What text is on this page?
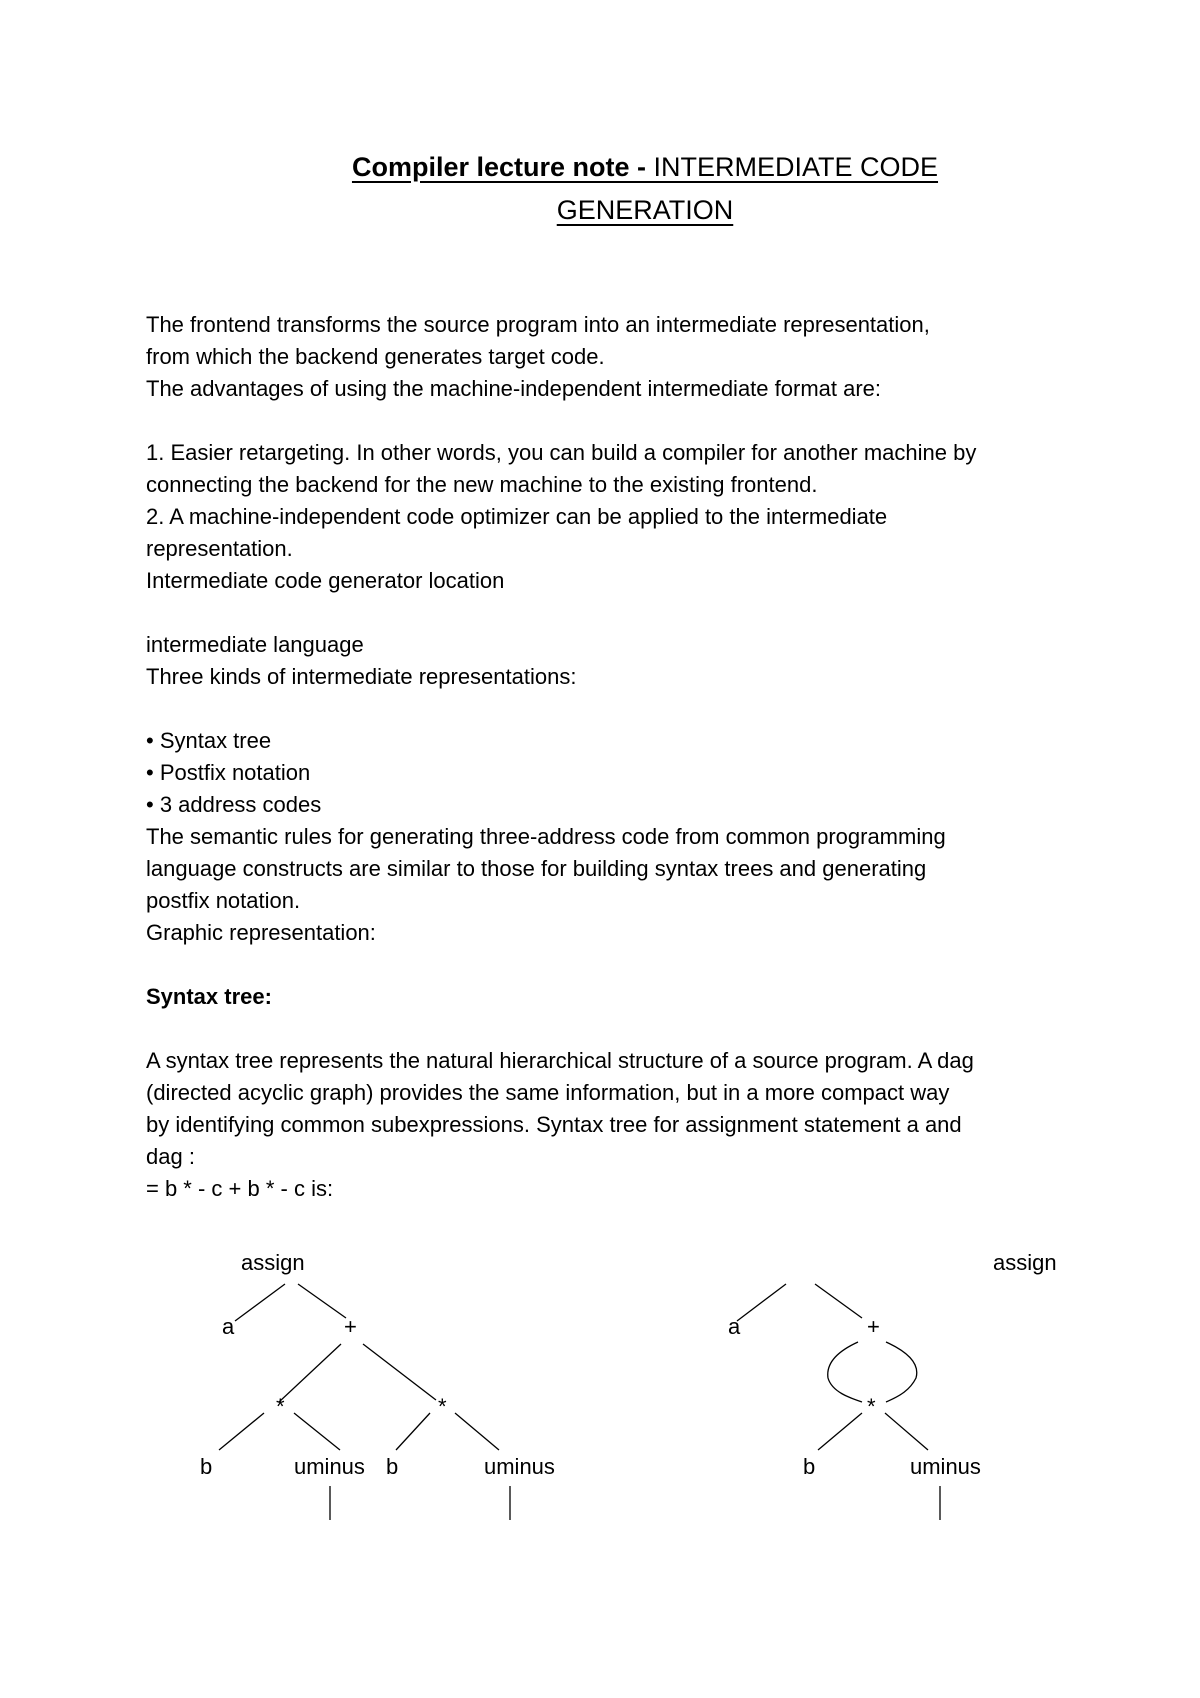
Compiler lecture note - INTERMEDIATE CODE
GENERATION

The frontend transforms the source program into an intermediate representation,

from which the backend generates target code.

The advantages of using the machine-independent intermediate format are:

1. Easier retargeting. In other words, you can build a compiler for another machine by

connecting the backend for the new machine to the existing frontend.

2. A machine-independent code optimizer can be applied to the intermediate

representation.

Intermediate code generator location

intermediate language

Three kinds of intermediate representations:

• Syntax tree

• Postfix notation

• 3 address codes

The semantic rules for generating three-address code from common programming

language constructs are similar to those for building syntax trees and generating

postfix notation.

Graphic representation:

Syntax tree:

A syntax tree represents the natural hierarchical structure of a source program. A dag

(directed acyclic graph) provides the same information, but in a more compact way

by identifying common subexpressions. Syntax tree for assignment statement a and

dag :

= b * - c + b * - c is:

assign
a	+
*	*
b	uminus b	uminus
assign
a	+
*
b	uminus
